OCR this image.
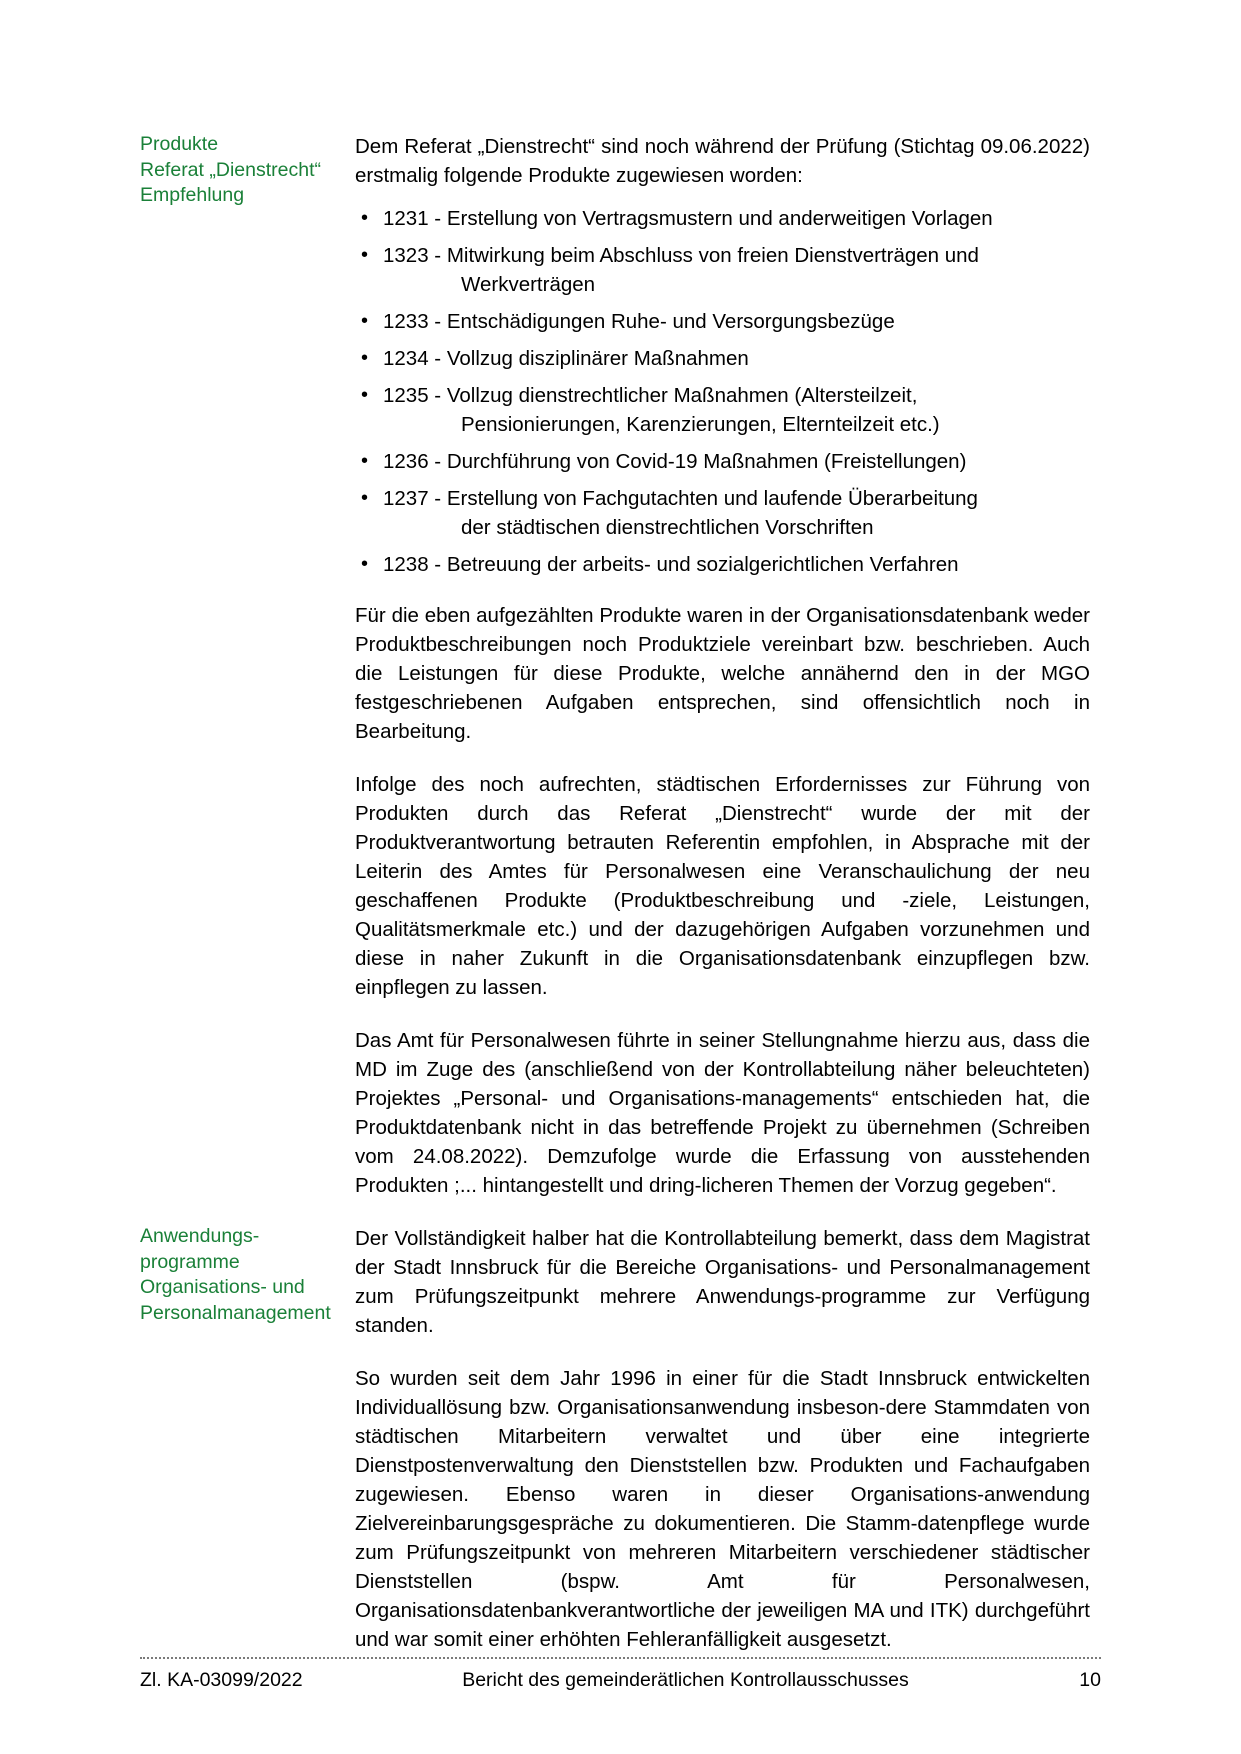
Produkte
Referat „Dienstrecht“
Empfehlung

Dem Referat „Dienstrecht“ sind noch während der Prüfung (Stichtag 09.06.2022) erstmalig folgende Produkte zugewiesen worden:

• 1231 - Erstellung von Vertragsmustern und anderweitigen Vorlagen
• 1323 - Mitwirkung beim Abschluss von freien Dienstverträgen und
Werkverträgen
• 1233 - Entschädigungen Ruhe- und Versorgungsbezüge
• 1234 - Vollzug disziplinärer Maßnahmen
• 1235 - Vollzug dienstrechtlicher Maßnahmen (Altersteilzeit,
Pensionierungen, Karenzierungen, Elternteilzeit etc.)
• 1236 - Durchführung von Covid-19 Maßnahmen (Freistellungen)
• 1237 - Erstellung von Fachgutachten und laufende Überarbeitung
der städtischen dienstrechtlichen Vorschriften
• 1238 - Betreuung der arbeits- und sozialgerichtlichen Verfahren

Für die eben aufgezählten Produkte waren in der Organisationsdatenbank weder Produktbeschreibungen noch Produktziele vereinbart bzw. beschrieben. Auch die Leistungen für diese Produkte, welche annähernd den in der MGO festgeschriebenen Aufgaben entsprechen, sind offensichtlich noch in Bearbeitung.

Infolge des noch aufrechten, städtischen Erfordernisses zur Führung von Produkten durch das Referat „Dienstrecht“ wurde der mit der Produktverantwortung betrauten Referentin empfohlen, in Absprache mit der Leiterin des Amtes für Personalwesen eine Veranschaulichung der neu geschaffenen Produkte (Produktbeschreibung und -ziele, Leistungen, Qualitätsmerkmale etc.) und der dazugehörigen Aufgaben vorzunehmen und diese in naher Zukunft in die Organisationsdatenbank einzupflegen bzw. einpflegen zu lassen.

Das Amt für Personalwesen führte in seiner Stellungnahme hierzu aus, dass die MD im Zuge des (anschließend von der Kontrollabteilung näher beleuchteten) Projektes „Personal- und Organisations-managements“ entschieden hat, die Produktdatenbank nicht in das betreffende Projekt zu übernehmen (Schreiben vom 24.08.2022). Demzufolge wurde die Erfassung von ausstehenden Produkten ;... hintangestellt und dring-licheren Themen der Vorzug gegeben“.

Anwendungs-
programme
Organisations- und
Personalmanagement

Der Vollständigkeit halber hat die Kontrollabteilung bemerkt, dass dem Magistrat der Stadt Innsbruck für die Bereiche Organisations- und Personalmanagement zum Prüfungszeitpunkt mehrere Anwendungs-programme zur Verfügung standen.

So wurden seit dem Jahr 1996 in einer für die Stadt Innsbruck entwickelten Individuallösung bzw. Organisationsanwendung insbeson-dere Stammdaten von städtischen Mitarbeitern verwaltet und über eine integrierte Dienstpostenverwaltung den Dienststellen bzw. Produkten und Fachaufgaben zugewiesen. Ebenso waren in dieser Organisations-anwendung Zielvereinbarungsgespräche zu dokumentieren. Die Stamm-datenpflege wurde zum Prüfungszeitpunkt von mehreren Mitarbeitern verschiedener städtischer Dienststellen (bspw. Amt für Personalwesen, Organisationsdatenbankverantwortliche der jeweiligen MA und ITK) durchgeführt und war somit einer erhöhten Fehleranfälligkeit ausgesetzt.

Zl. KA-03099/2022	Bericht des gemeinderätlichen Kontrollausschusses	10
